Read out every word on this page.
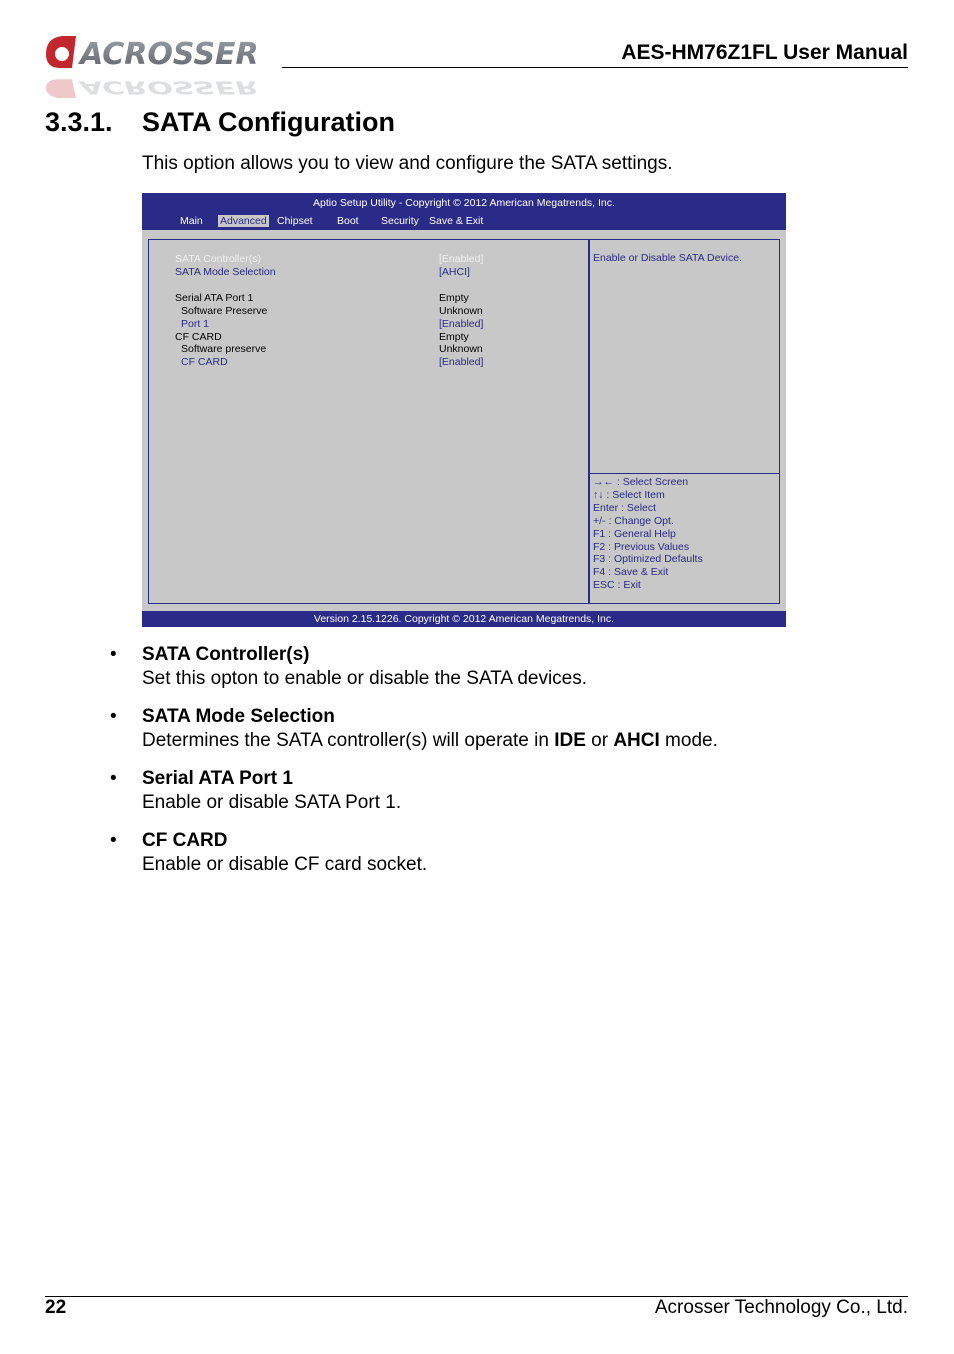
ACROSSER
ACROSSER
AES-HM76Z1FL User Manual
3.3.1. SATA Configuration
This option allows you to view and configure the SATA settings.
Aptio Setup Utility - Copyright © 2012 American Megatrends, Inc.
Main Advanced Chipset Boot Security Save & Exit
SATA Controller(s)	[Enabled]
SATA Mode Selection	[AHCI]
Serial ATA Port 1	Empty
Software Preserve	Unknown
Port 1	[Enabled]
CF CARD	Empty
Software preserve	Unknown
CF CARD	[Enabled]
Enable or Disable SATA Device.
→← : Select Screen
↑↓ : Select Item
Enter : Select
+/- : Change Opt.
F1 : General Help
F2 : Previous Values
F3 : Optimized Defaults
F4 : Save & Exit
ESC : Exit
Version 2.15.1226. Copyright © 2012 American Megatrends, Inc.
• SATA Controller(s)
Set this opton to enable or disable the SATA devices.
• SATA Mode Selection
Determines the SATA controller(s) will operate in IDE or AHCI mode.
• Serial ATA Port 1
Enable or disable SATA Port 1.
• CF CARD
Enable or disable CF card socket.
22	Acrosser Technology Co., Ltd.
